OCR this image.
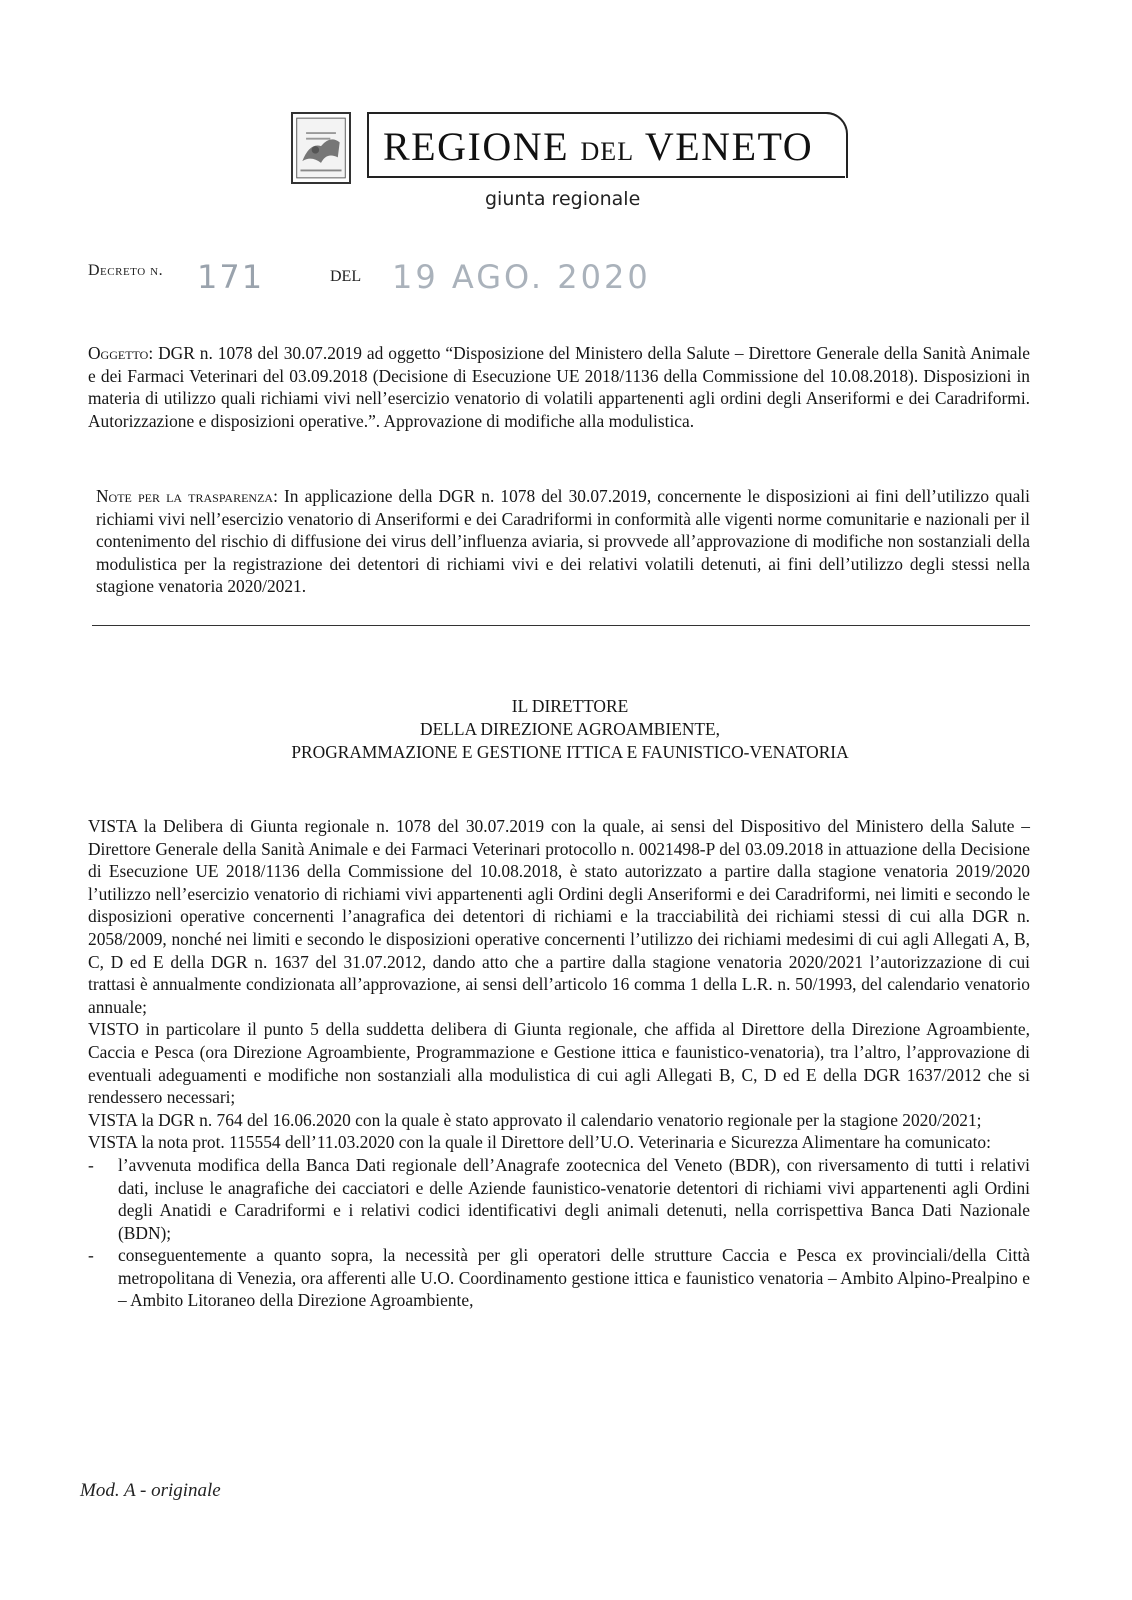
REGIONE DEL VENETO
giunta regionale
Decreto n. 171	DEL 19 AGO. 2020
Oggetto: DGR n. 1078 del 30.07.2019 ad oggetto “Disposizione del Ministero della Salute – Direttore Generale della Sanità Animale e dei Farmaci Veterinari del 03.09.2018 (Decisione di Esecuzione UE 2018/1136 della Commissione del 10.08.2018). Disposizioni in materia di utilizzo quali richiami vivi nell’esercizio venatorio di volatili appartenenti agli ordini degli Anseriformi e dei Caradriformi. Autorizzazione e disposizioni operative.”. Approvazione di modifiche alla modulistica.
Note per la trasparenza: In applicazione della DGR n. 1078 del 30.07.2019, concernente le disposizioni ai fini dell’utilizzo quali richiami vivi nell’esercizio venatorio di Anseriformi e dei Caradriformi in conformità alle vigenti norme comunitarie e nazionali per il contenimento del rischio di diffusione dei virus dell’influenza aviaria, si provvede all’approvazione di modifiche non sostanziali della modulistica per la registrazione dei detentori di richiami vivi e dei relativi volatili detenuti, ai fini dell’utilizzo degli stessi nella stagione venatoria 2020/2021.
IL DIRETTORE
DELLA DIREZIONE AGROAMBIENTE,
PROGRAMMAZIONE E GESTIONE ITTICA E FAUNISTICO-VENATORIA

VISTA la Delibera di Giunta regionale n. 1078 del 30.07.2019 con la quale, ai sensi del Dispositivo del Ministero della Salute – Direttore Generale della Sanità Animale e dei Farmaci Veterinari protocollo n. 0021498-P del 03.09.2018 in attuazione della Decisione di Esecuzione UE 2018/1136 della Commissione del 10.08.2018, è stato autorizzato a partire dalla stagione venatoria 2019/2020 l’utilizzo nell’esercizio venatorio di richiami vivi appartenenti agli Ordini degli Anseriformi e dei Caradriformi, nei limiti e secondo le disposizioni operative concernenti l’anagrafica dei detentori di richiami e la tracciabilità dei richiami stessi di cui alla DGR n. 2058/2009, nonché nei limiti e secondo le disposizioni operative concernenti l’utilizzo dei richiami medesimi di cui agli Allegati A, B, C, D ed E della DGR n. 1637 del 31.07.2012, dando atto che a partire dalla stagione venatoria 2020/2021 l’autorizzazione di cui trattasi è annualmente condizionata all’approvazione, ai sensi dell’articolo 16 comma 1 della L.R. n. 50/1993, del calendario venatorio annuale;

VISTO in particolare il punto 5 della suddetta delibera di Giunta regionale, che affida al Direttore della Direzione Agroambiente, Caccia e Pesca (ora Direzione Agroambiente, Programmazione e Gestione ittica e faunistico-venatoria), tra l’altro, l’approvazione di eventuali adeguamenti e modifiche non sostanziali alla modulistica di cui agli Allegati B, C, D ed E della DGR 1637/2012 che si rendessero necessari;

VISTA la DGR n. 764 del 16.06.2020 con la quale è stato approvato il calendario venatorio regionale per la stagione 2020/2021;

VISTA la nota prot. 115554 dell’11.03.2020 con la quale il Direttore dell’U.O. Veterinaria e Sicurezza Alimentare ha comunicato:

- l’avvenuta modifica della Banca Dati regionale dell’Anagrafe zootecnica del Veneto (BDR), con riversamento di tutti i relativi dati, incluse le anagrafiche dei cacciatori e delle Aziende faunistico-venatorie detentori di richiami vivi appartenenti agli Ordini degli Anatidi e Caradriformi e i relativi codici identificativi degli animali detenuti, nella corrispettiva Banca Dati Nazionale (BDN);
- conseguentemente a quanto sopra, la necessità per gli operatori delle strutture Caccia e Pesca ex provinciali/della Città metropolitana di Venezia, ora afferenti alle U.O. Coordinamento gestione ittica e faunistico venatoria – Ambito Alpino-Prealpino e – Ambito Litoraneo della Direzione Agroambiente,
Mod. A - originale
